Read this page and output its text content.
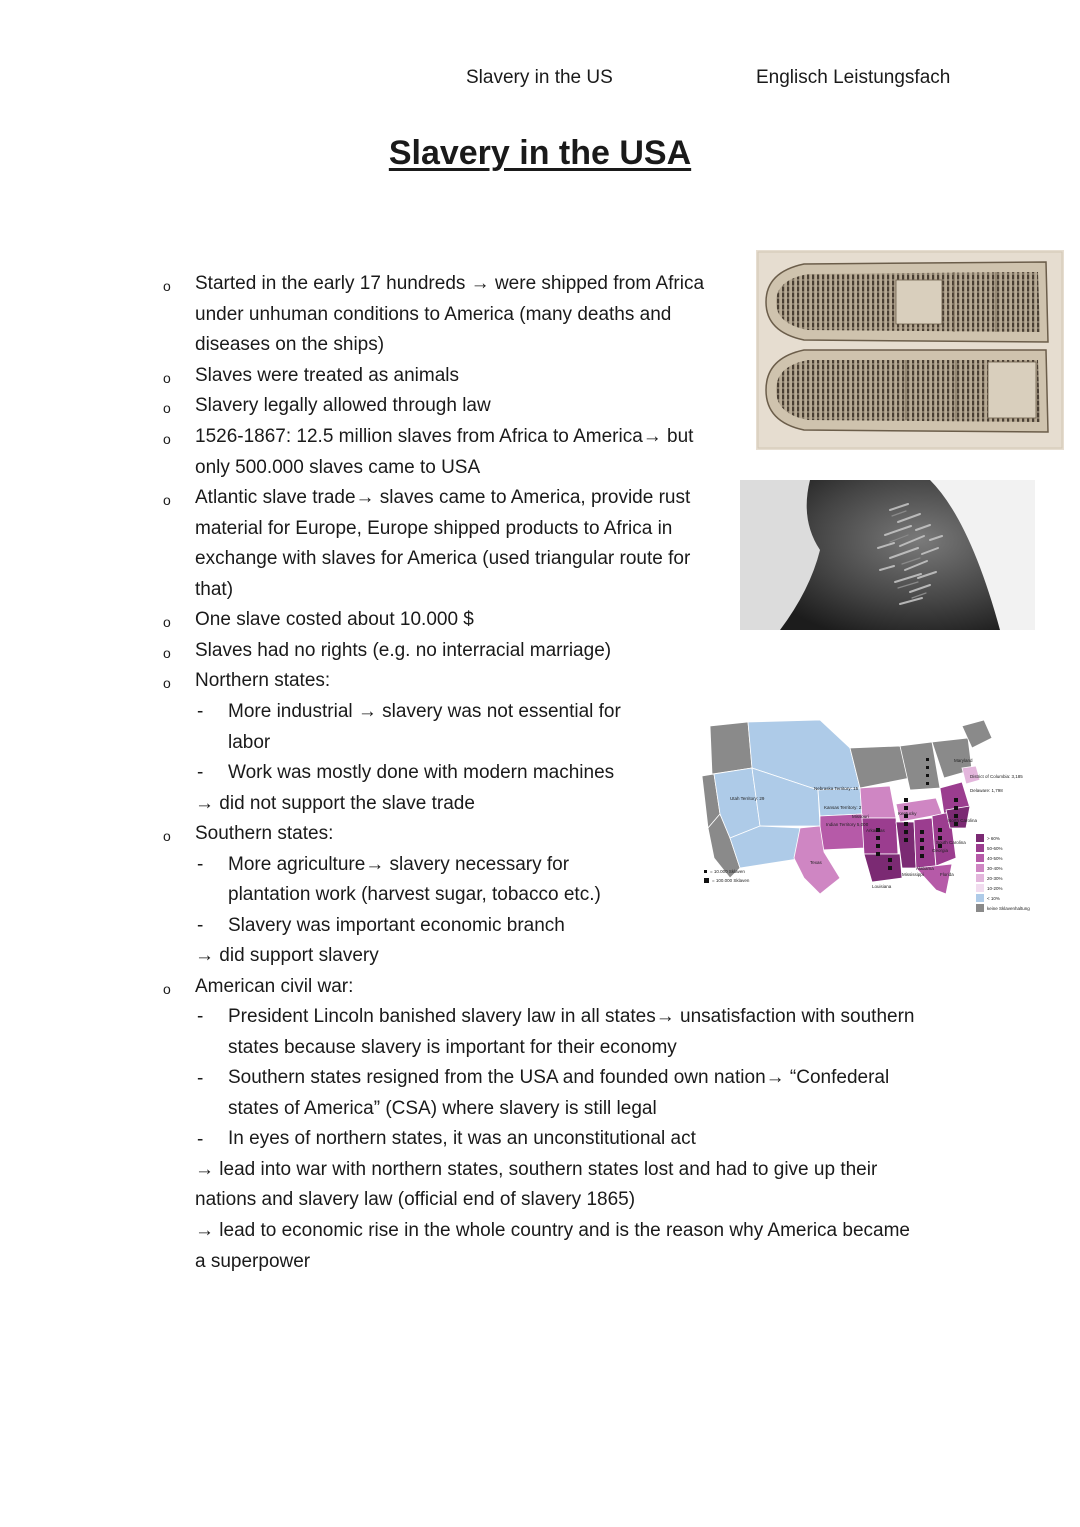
Slavery in the US	Englisch Leistungsfach
Slavery in the USA
o
o
o
o
o
o
o
o
o
o
-
-
-
-
-
-
-
Started in the early 17 hundreds → were shipped from Africa
under unhuman conditions to America (many deaths and
diseases on the ships)
Slaves were treated as animals
Slavery legally allowed through law
1526-1867: 12.5 million slaves from Africa to America→ but
only 500.000 slaves came to USA
Atlantic slave trade→ slaves came to America, provide rust
material for Europe, Europe shipped products to Africa in
exchange with slaves for America (used triangular route for
that)
One slave costed about 10.000 $
Slaves had no rights (e.g. no interracial marriage)
Northern states:
More industrial → slavery was not essential for
labor
Work was mostly done with modern machines
→ did not support the slave trade
Southern states:
More agriculture→ slavery necessary for
plantation work (harvest sugar, tobacco etc.)
Slavery was important economic branch
→ did support slavery
American civil war:
President Lincoln banished slavery law in all states→ unsatisfaction with southern
states because slavery is important for their economy
Southern states resigned from the USA and founded own nation→ “Confederal
states of America” (CSA) where slavery is still legal
In eyes of northern states, it was an unconstitutional act
→ lead into war with northern states, southern states lost and had to give up their
nations and slavery law (official end of slavery 1865)
→ lead to economic rise in the whole country and is the reason why America became
a superpower
Nebraska Territory: 15
Utah Territory: 29
Kansas Territory: 2
Missouri
Kentucky
Indian Territory 5,000
Arkansas
Texas
Louisiana
Mississippi
Alabama
Georgia
Florida
South Carolina
North Carolina
Maryland
District of Columbia: 3,185
Delaware: 1,798
= 10.000 Sklaven
= 100.000 Sklaven
> 60%
50-60%
40-50%
30-40%
20-30%
10-20%
< 10%
keine Sklavenhaltung
